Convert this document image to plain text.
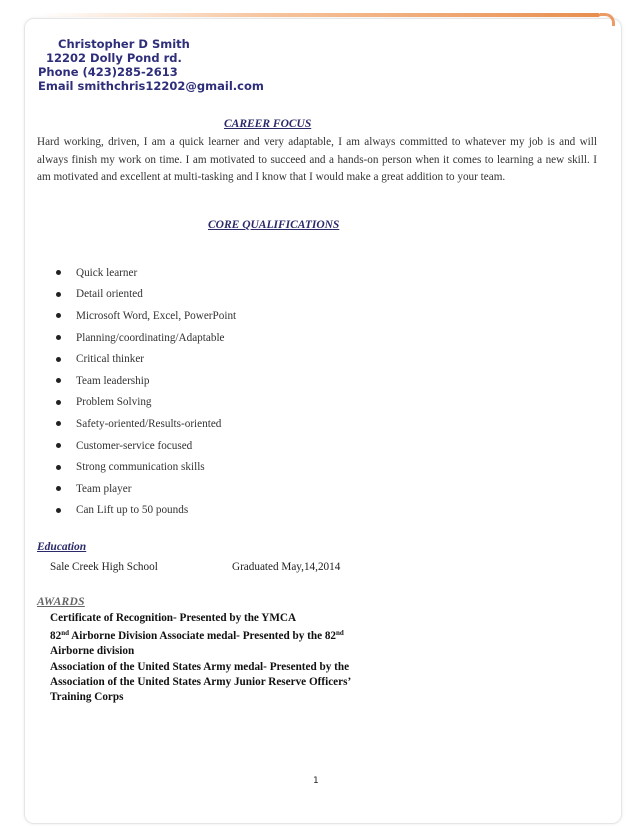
Christopher D Smith
12202 Dolly Pond rd.
Phone (423)285-2613
Email smithchris12202@gmail.com
CAREER FOCUS
Hard working, driven, I am a quick learner and very adaptable, I am always committed to whatever my job is and will always finish my work on time. I am motivated to succeed and a hands-on person when it comes to learning a new skill. I am motivated and excellent at multi-tasking and I know that I would make a great addition to your team.
CORE QUALIFICATIONS
Quick learner
Detail oriented
Microsoft Word, Excel, PowerPoint
Planning/coordinating/Adaptable
Critical thinker
Team leadership
Problem Solving
Safety-oriented/Results-oriented
Customer-service focused
Strong communication skills
Team player
Can Lift up to 50 pounds
Education
Sale Creek High School	Graduated May,14,2014
AWARDS
Certificate of Recognition- Presented by the YMCA
82nd Airborne Division Associate medal- Presented by the 82nd
Airborne division
Association of the United States Army medal- Presented by the
Association of the United States Army Junior Reserve Officers’
Training Corps
1
